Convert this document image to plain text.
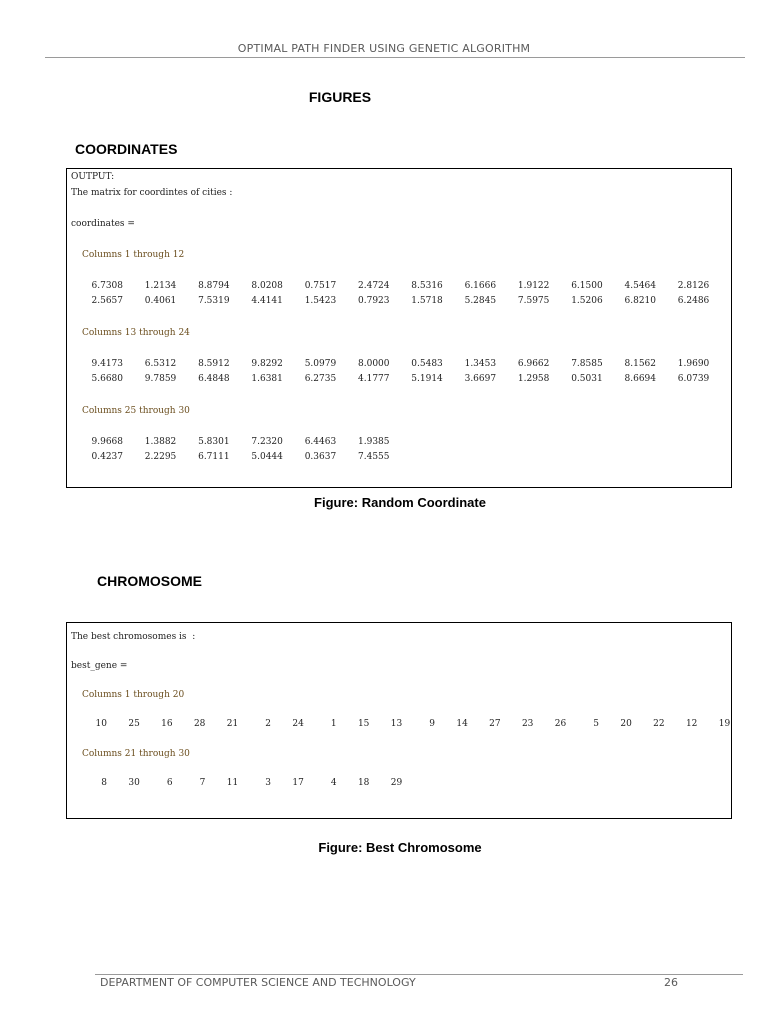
OPTIMAL PATH FINDER USING GENETIC ALGORITHM
FIGURES
COORDINATES
OUTPUT:
The matrix for coordintes of cities :
coordinates =
Columns 1 through 12
6.7308	1.2134	8.8794	8.0208	0.7517	2.4724	8.5316	6.1666	1.9122	6.1500	4.5464	2.8126
2.5657	0.4061	7.5319	4.4141	1.5423	0.7923	1.5718	5.2845	7.5975	1.5206	6.8210	6.2486
Columns 13 through 24
9.4173	6.5312	8.5912	9.8292	5.0979	8.0000	0.5483	1.3453	6.9662	7.8585	8.1562	1.9690
5.6680	9.7859	6.4848	1.6381	6.2735	4.1777	5.1914	3.6697	1.2958	0.5031	8.6694	6.0739
Columns 25 through 30
9.9668	1.3882	5.8301	7.2320	6.4463	1.9385
0.4237	2.2295	6.7111	5.0444	0.3637	7.4555
Figure: Random Coordinate
CHROMOSOME
The best chromosomes is  :
best_gene =
Columns 1 through 20
10	25	16	28	21	2	24	1	15	13	9	14	27	23	26	5	20	22	12	19
Columns 21 through 30
8	30	6	7	11	3	17	4	18	29
Figure: Best Chromosome
DEPARTMENT OF COMPUTER SCIENCE AND TECHNOLOGY	26
